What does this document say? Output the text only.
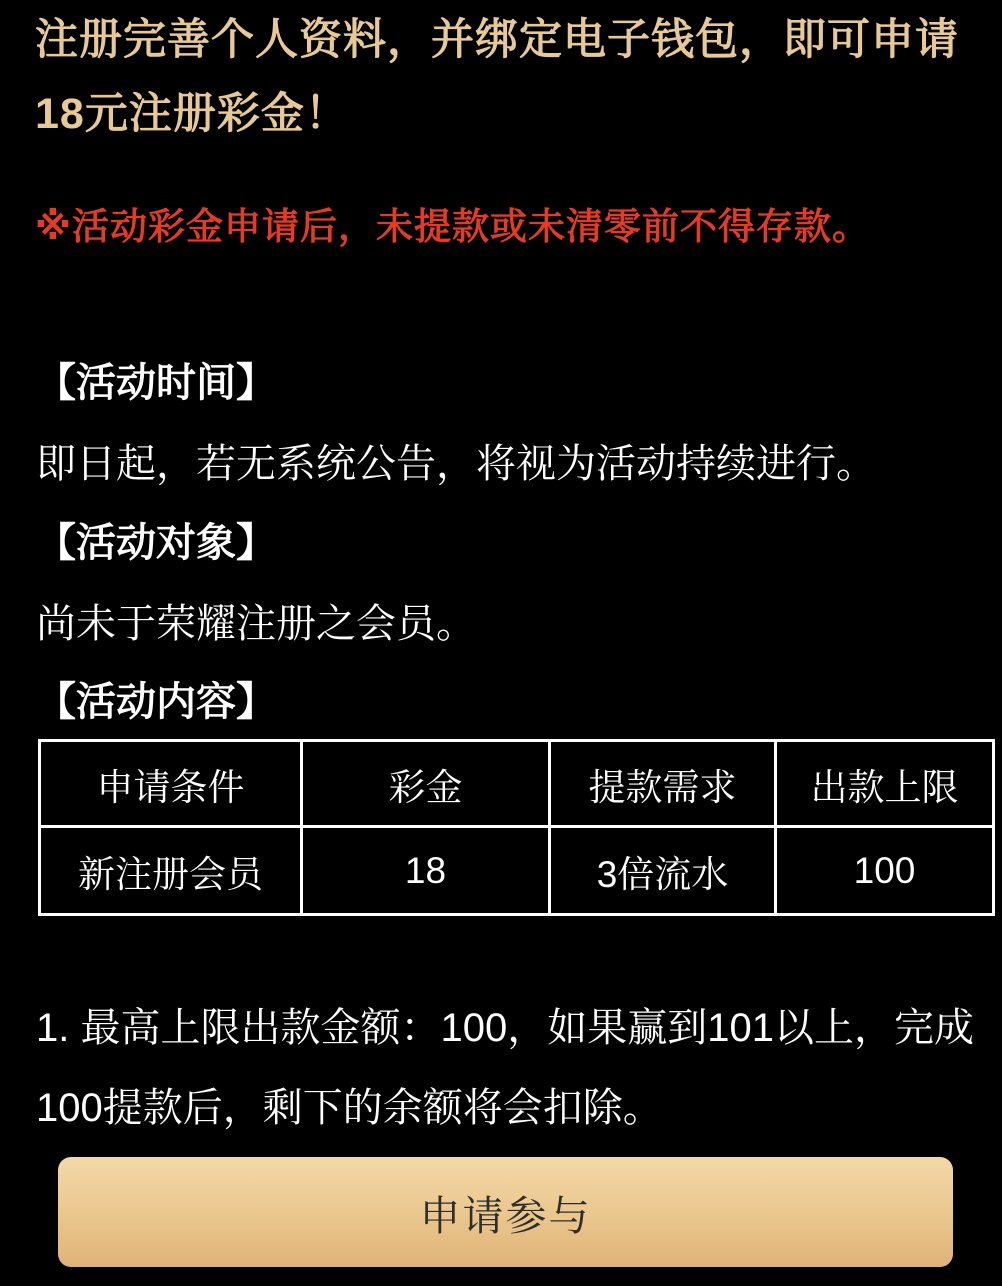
注册完善个人资料，并绑定电子钱包，即可申请
18元注册彩金！
※活动彩金申请后，未提款或未清零前不得存款。
【活动时间】
即日起，若无系统公告，将视为活动持续进行。
【活动对象】
尚未于荣耀注册之会员。
【活动内容】
申请条件	彩金	提款需求	出款上限
新注册会员	18	3倍流水	100
1. 最高上限出款金额：100，如果赢到101以上，完成
100提款后，剩下的余额将会扣除。
申请参与
